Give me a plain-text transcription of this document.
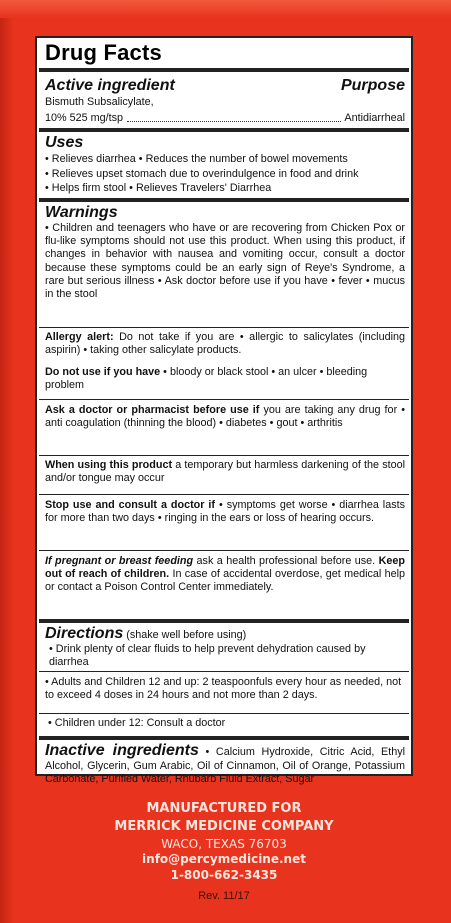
Drug Facts
Active ingredient	Purpose
Bismuth Subsalicylate,
10% 525 mg/tsp	Antidiarrheal
Uses
• Relieves diarrhea • Reduces the number of bowel movements
• Relieves upset stomach due to overindulgence in food and drink
• Helps firm stool • Relieves Travelers' Diarrhea
Warnings
• Children and teenagers who have or are recovering from Chicken Pox or flu-like symptoms should not use this product. When using this product, if changes in behavior with nausea and vomiting occur, consult a doctor because these symptoms could be an early sign of Reye's Syndrome, a rare but serious illness • Ask doctor before use if you have • fever • mucus in the stool
Allergy alert: Do not take if you are • allergic to salicylates (including aspirin) • taking other salicylate products.
Do not use if you have • bloody or black stool • an ulcer • bleeding problem
Ask a doctor or pharmacist before use if you are taking any drug for • anti coagulation (thinning the blood) • diabetes • gout • arthritis
When using this product a temporary but harmless darkening of the stool and/or tongue may occur
Stop use and consult a doctor if • symptoms get worse • diarrhea lasts for more than two days • ringing in the ears or loss of hearing occurs.
If pregnant or breast feeding ask a health professional before use. Keep out of reach of children. In case of accidental overdose, get medical help or contact a Poison Control Center immediately.
Directions (shake well before using)
• Drink plenty of clear fluids to help prevent dehydration caused by diarrhea
• Adults and Children 12 and up: 2 teaspoonfuls every hour as needed, not to exceed 4 doses in 24 hours and not more than 2 days.
• Children under 12: Consult a doctor
Inactive ingredients • Calcium Hydroxide, Citric Acid, Ethyl Alcohol, Glycerin, Gum Arabic, Oil of Cinnamon, Oil of Orange, Potassium Carbonate, Purified Water, Rhubarb Fluid Extract, Sugar
MANUFACTURED FOR
MERRICK MEDICINE COMPANY
WACO, TEXAS 76703
info@percymedicine.net
1-800-662-3435
Rev. 11/17
